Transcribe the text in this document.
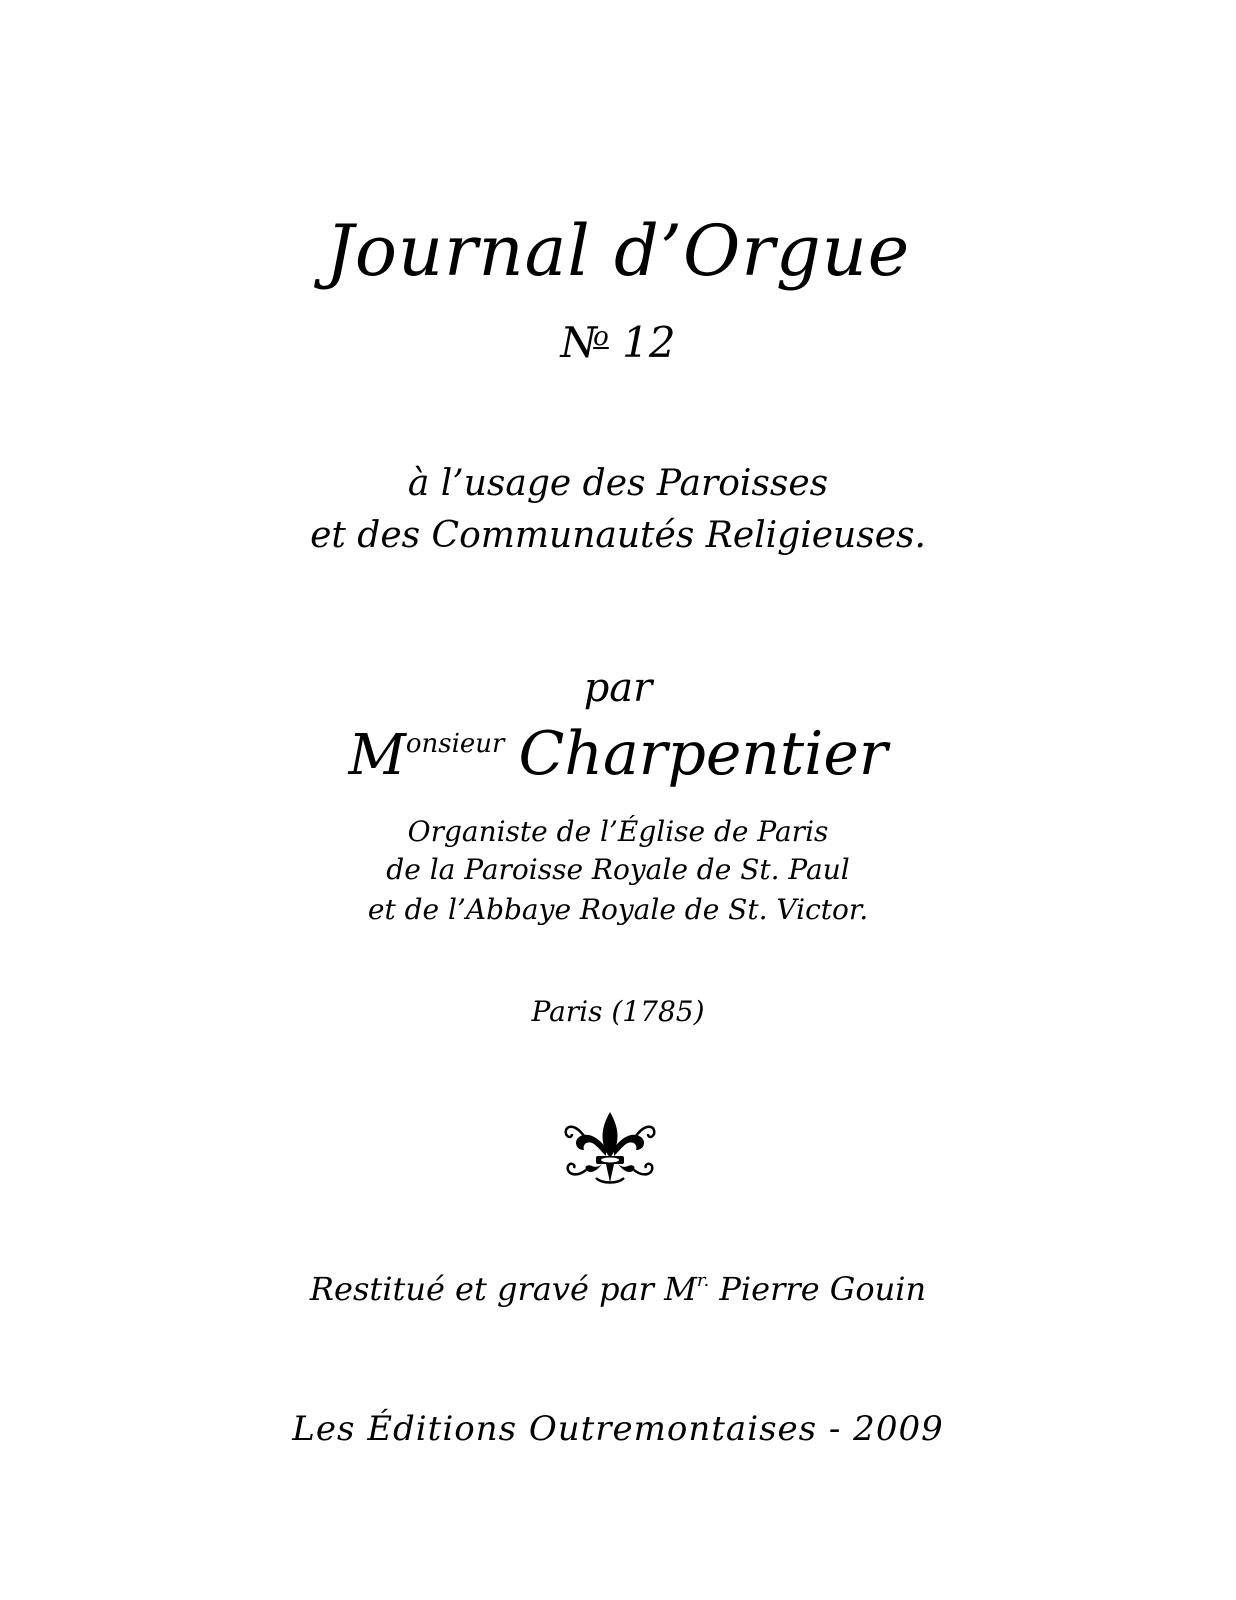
Journal d’Orgue
$N^o$ 12
à l’usage des Paroisses
et des Communautés Religieuses.
par
$M^{onsieur}$ Charpentier
Organiste de l’Église de Paris
de la Paroisse Royale de St. Paul
et de l’Abbaye Royale de St. Victor.
Paris (1785)
Restitué et gravé par $M^{r.}$ Pierre Gouin
Les Éditions Outremontaises - 2009
